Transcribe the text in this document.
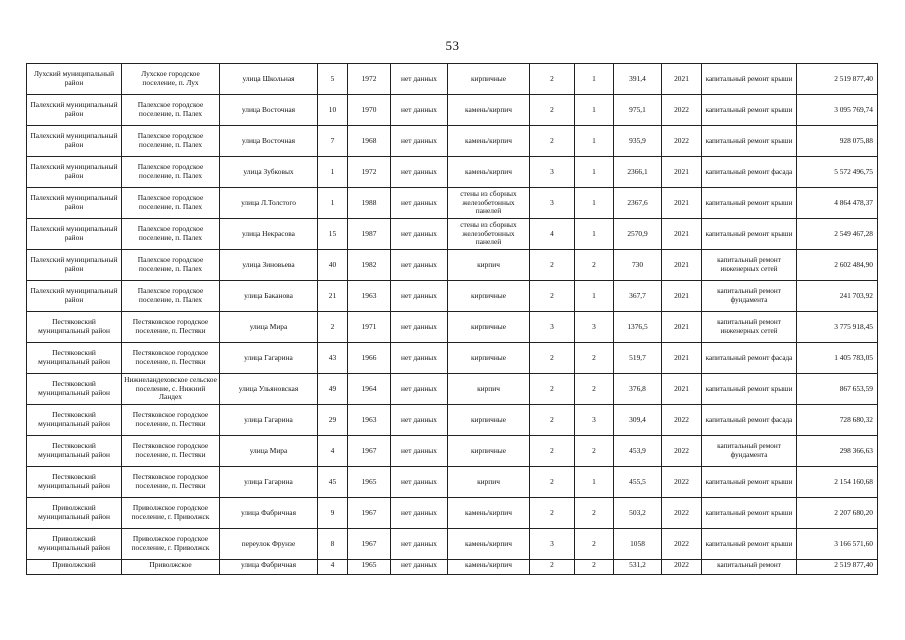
53
Лухский муниципальный район	Лухское городское поселение, п. Лух	улица Школьная	5	1972	нет данных	кирпичные	2	1	391,4	2021	капитальный ремонт крыши	2 519 877,40
Палехский муниципальный район	Палехское городское поселение, п. Палех	улица Восточная	10	1970	нет данных	камень/кирпич	2	1	975,1	2022	капитальный ремонт крыши	3 095 769,74
Палехский муниципальный район	Палехское городское поселение, п. Палех	улица Восточная	7	1968	нет данных	камень/кирпич	2	1	935,9	2022	капитальный ремонт крыши	928 075,88
Палехский муниципальный район	Палехское городское поселение, п. Палех	улица Зубковых	1	1972	нет данных	камень/кирпич	3	1	2366,1	2021	капитальный ремонт фасада	5 572 496,75
Палехский муниципальный район	Палехское городское поселение, п. Палех	улица Л.Толстого	1	1988	нет данных	стены из сборных железобетонных панелей	3	1	2367,6	2021	капитальный ремонт крыши	4 864 478,37
Палехский муниципальный район	Палехское городское поселение, п. Палех	улица Некрасова	15	1987	нет данных	стены из сборных железобетонных панелей	4	1	2570,9	2021	капитальный ремонт крыши	2 549 467,28
Палехский муниципальный район	Палехское городское поселение, п. Палех	улица Зиновьева	40	1982	нет данных	кирпич	2	2	730	2021	капитальный ремонт инженерных сетей	2 602 484,90
Палехский муниципальный район	Палехское городское поселение, п. Палех	улица Баканова	21	1963	нет данных	кирпичные	2	1	367,7	2021	капитальный ремонт фундамента	241 703,92
Пестяковский муниципальный район	Пестяковское городское поселение, п. Пестяки	улица Мира	2	1971	нет данных	кирпичные	3	3	1376,5	2021	капитальный ремонт инженерных сетей	3 775 918,45
Пестяковский муниципальный район	Пестяковское городское поселение, п. Пестяки	улица Гагарина	43	1966	нет данных	кирпичные	2	2	519,7	2021	капитальный ремонт фасада	1 405 783,05
Пестяковский муниципальный район	Нижнеландеховское сельское поселение, с. Нижний Ландех	улица Ульяновская	49	1964	нет данных	кирпич	2	2	376,8	2021	капитальный ремонт крыши	867 653,59
Пестяковский муниципальный район	Пестяковское городское поселение, п. Пестяки	улица Гагарина	29	1963	нет данных	кирпичные	2	3	309,4	2022	капитальный ремонт фасада	728 680,32
Пестяковский муниципальный район	Пестяковское городское поселение, п. Пестяки	улица Мира	4	1967	нет данных	кирпичные	2	2	453,9	2022	капитальный ремонт фундамента	298 366,63
Пестяковский муниципальный район	Пестяковское городское поселение, п. Пестяки	улица Гагарина	45	1965	нет данных	кирпич	2	1	455,5	2022	капитальный ремонт крыши	2 154 160,68
Приволжский муниципальный район	Приволжское городское поселение, г. Приволжск	улица Фабричная	9	1967	нет данных	камень/кирпич	2	2	503,2	2022	капитальный ремонт крыши	2 207 680,20
Приволжский муниципальный район	Приволжское городское поселение, г. Приволжск	переулок Фрунзе	8	1967	нет данных	камень/кирпич	3	2	1058	2022	капитальный ремонт крыши	3 166 571,60
Приволжский	Приволжское	улица Фабричная	4	1965	нет данных	камень/кирпич	2	2	531,2	2022	капитальный ремонт	2 519 877,40
